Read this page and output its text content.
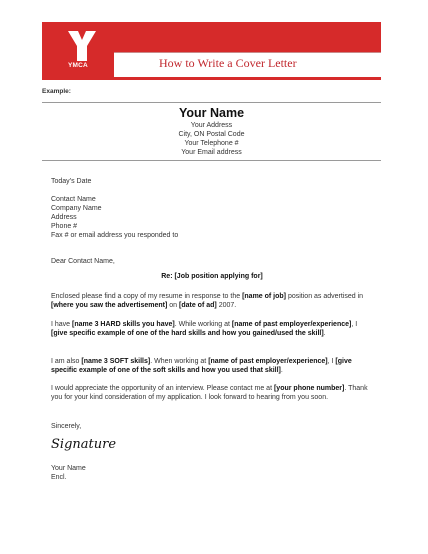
YMCA	How to Write a Cover Letter
Example:
Your Name
Your Address
City, ON Postal Code
Your Telephone #
Your Email address
Today’s Date
Contact Name
Company Name
Address
Phone #
Fax # or email address you responded to
Dear Contact Name,
Re: [Job position applying for]
Enclosed please find a copy of my resume in response to the [name of job] position as advertised in [where you saw the advertisement] on [date of ad] 2007.
I have [name 3 HARD skills you have]. While working at [name of past employer/experience], I [give specific example of one of the hard skills and how you gained/used the skill].
I am also [name 3 SOFT skills]. When working at [name of past employer/experience], I [give specific example of one of the soft skills and how you used that skill].
I would appreciate the opportunity of an interview. Please contact me at [your phone number]. Thank you for your kind consideration of my application. I look forward to hearing from you soon.
Sincerely,
Signature
Your Name
Encl.
